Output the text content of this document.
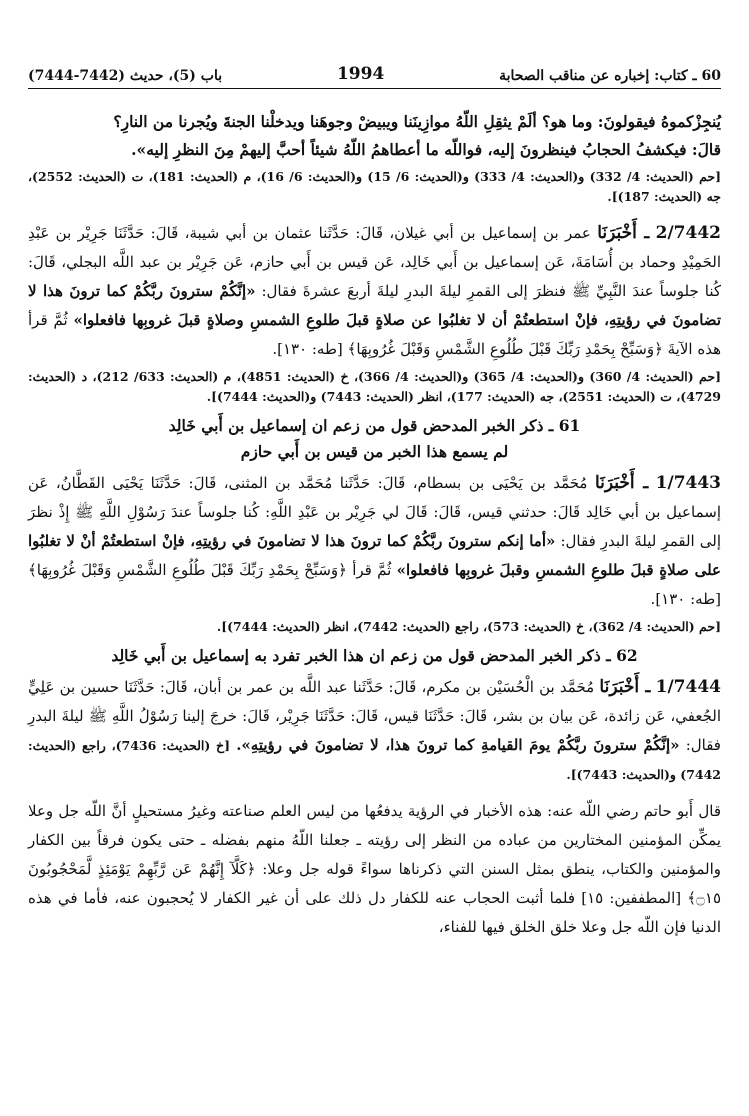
60 ـ كتاب: إخباره عن مناقب الصحابة
1994
باب (5)، حديث (7442-7444)

يُنجِزْكموهُ فيقولونَ: وما هو؟ ألَمْ يثقِلِ اللّهُ موازِينَنا ويبيضْ وجوهَنا ويدخلْنا الجنةَ ويُجرنا من النارِ؟

قالَ: فيكشفُ الحجابُ فينظرونَ إليه، فواللّه ما أعطاهمُ اللّهُ شيئاً أحبَّ إليهمْ مِنَ النظرِ إليه».

[حم (الحديث: 4/ 332) و(الحديث: 4/ 333) و(الحديث: 6/ 15) و(الحديث: 6/ 16)، م (الحديث: 181)، ت (الحديث: 2552)، جه (الحديث: 187)].

2/7442 ـ أَخْبَرَنَا عمر بن إسماعيل بن أبي غيلان، قَالَ: حَدَّثَنا عثمان بن أبي شيبة، قَالَ: حَدَّثَنَا جَرِيْر بن عَبْدِ الحَمِيْدِ وحماد بن أُسَامَةَ، عَن إسماعيل بن أَبي خَالِد، عَن قيس بن أَبي حازم، عَن جَرِيْر بن عبد اللَّه البجلي، قَالَ: كُنا جلوساً عندَ النَّبِيِّ ﷺ فنظرَ إلى القمرِ ليلةَ البدرِ ليلةَ أربعَ عشرةَ فقال: «إنَّكُمْ سترونَ ربَّكُمْ كما ترونَ هذا لا تضامونَ في رؤيتِهِ، فإنْ استطعتُمْ أن لا تغلبُوا عن صلاةٍ قبلَ طلوعِ الشمسِ وصلاةٍ قبلَ غروبِها فافعلوا» ثُمَّ قرأ هذه الآيةَ ﴿وَسَبِّحْ بِحَمْدِ رَبِّكَ قَبْلَ طُلُوعِ الشَّمْسِ وَقَبْلَ غُرُوبِهَا﴾ [طه: ١٣٠].

[حم (الحديث: 4/ 360) و(الحديث: 4/ 365) و(الحديث: 4/ 366)، خ (الحديث: 4851)، م (الحديث: 633/ 212)، د (الحديث: 4729)، ت (الحديث: 2551)، جه (الحديث: 177)، انظر (الحديث: 7443) و(الحديث: 7444)].

61 ـ ذكر الخبر المدحض قول من زعم ان إسماعيل بن أَبي خَالِد
لم يسمع هذا الخبر من قيس بن أَبي حازم

1/7443 ـ أَخْبَرَنَا مُحَمَّد بن يَحْيَى بن بسطام، قَالَ: حَدَّثَنا مُحَمَّد بن المثنى، قَالَ: حَدَّثَنَا يَحْيَى القَطَّانُ، عَن إسماعيل بن أبي خَالِد قَالَ: حدثني قيس، قَالَ: قَالَ لي جَرِيْر بن عَبْدِ اللَّهِ: كُنا جلوساً عندَ رَسُوْلِ اللَّهِ ﷺ إِذْ نظرَ إلى القمرِ ليلةَ البدرِ فقال: «أما إنكم سترونَ ربَّكُمْ كما ترونَ هذا لا تضامونَ في رؤيتِهِ، فإنْ استطعتُمْ أنْ لا تغلبُوا على صلاةٍ قبلَ طلوعِ الشمسِ وقبلَ غروبِها فافعلوا» ثُمَّ قرأ ﴿وَسَبِّحْ بِحَمْدِ رَبِّكَ قَبْلَ طُلُوعِ الشَّمْسِ وَقَبْلَ غُرُوبِهَا﴾ [طه: ١٣٠].

[حم (الحديث: 4/ 362)، خ (الحديث: 573)، راجع (الحديث: 7442)، انظر (الحديث: 7444)].

62 ـ ذكر الخبر المدحض قول من زعم ان هذا الخبر تفرد به إسماعيل بن أَبي خَالِد

1/7444 ـ أَخْبَرَنَا مُحَمَّد بن الْحُسَيْن بن مكرم، قَالَ: حَدَّثَنا عبد اللَّه بن عمر بن أبان، قَالَ: حَدَّثَنَا حسين بن عَلِيٍّ الجُعفي، عَن زائدة، عَن بيان بن بشر، قَالَ: حَدَّثَنَا قيس، قَالَ: حَدَّثَنَا جَرِيْر، قَالَ: خرجَ إلينا رَسُوْلُ اللَّهِ ﷺ ليلةَ البدرِ فقال: «إنَّكُمْ سترونَ ربَّكُمْ يومَ القيامةِ كما ترونَ هذا، لا تضامونَ في رؤيتِهِ». [خ (الحديث: 7436)، راجع (الحديث: 7442) و(الحديث: 7443)].

قال أَبو حاتم رضي اللّه عنه: هذه الأخبار في الرؤية يدفعُها من ليس العلم صناعته وغيرُ مستحيلٍ أنَّ اللّه جل وعلا يمكِّن المؤمنين المختارين من عباده من النظر إلى رؤيته ـ جعلنا اللّهُ منهم بفضله ـ حتى يكون فرقاً بين الكفار والمؤمنين والكتاب، ينطق بمثل السنن التي ذكرناها سواءً قوله جل وعلا: ﴿كَلَّآ إِنَّهُمْ عَن رَّبِّهِمْ يَوْمَئِذٍ لَّمَحْجُوبُونَ ۝١٥﴾ [المطففين: ١٥] فلما أثبت الحجاب عنه للكفار دل ذلك على أن غير الكفار لا يُحجبون عنه، فأما في هذه الدنيا فإن اللّه جل وعلا خلق الخلق فيها للفناء،
